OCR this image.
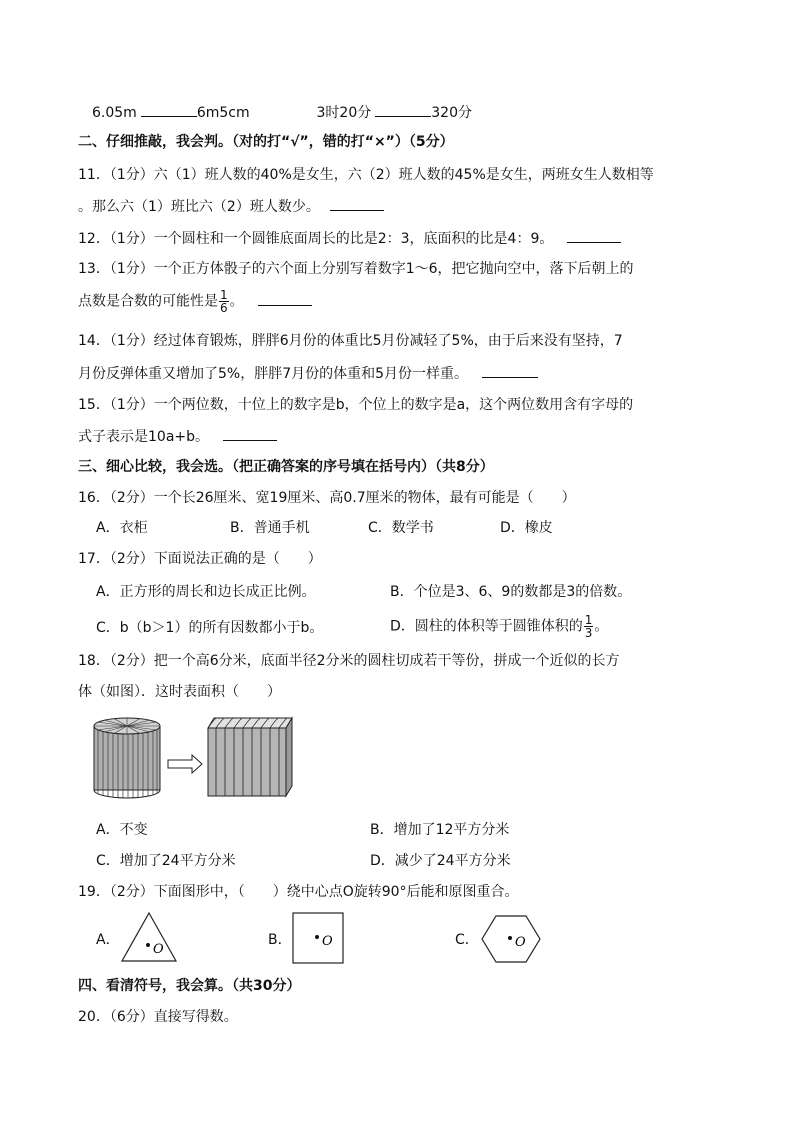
6.05m	6m5cm	3时20分	320分
二、仔细推敲，我会判。（对的打“√”，错的打“×”）（5分）
11．（1分）六（1）班人数的40%是女生，六（2）班人数的45%是女生，两班女生人数相等
。那么六（1）班比六（2）班人数少。
12．（1分）一个圆柱和一个圆锥底面周长的比是2：3，底面积的比是4：9。
13．（1分）一个正方体骰子的六个面上分别写着数字1～6，把它抛向空中，落下后朝上的
点数是合数的可能性是 $\frac{1}{6}$ 。
14．（1分）经过体育锻炼，胖胖6月份的体重比5月份减轻了5%，由于后来没有坚持，7
月份反弹体重又增加了5%，胖胖7月份的体重和5月份一样重。
15．（1分）一个两位数，十位上的数字是b，个位上的数字是a，这个两位数用含有字母的
式子表示是10a+b。
三、细心比较，我会选。（把正确答案的序号填在括号内）（共8分）
16．（2分）一个长26厘米、宽19厘米、高0.7厘米的物体，最有可能是（　　）
A．衣柜	B．普通手机	C．数学书	D．橡皮
17．（2分）下面说法正确的是（　　）
A．正方形的周长和边长成正比例。	B．个位是3、6、9的数都是3的倍数。
C．b（b＞1）的所有因数都小于b。	D．圆柱的体积等于圆锥体积的 $\frac{1}{3}$ 。
18．（2分）把一个高6分米，底面半径2分米的圆柱切成若干等份，拼成一个近似的长方
体（如图）．这时表面积（　　）
A．不变	B．增加了12平方分米
C．增加了24平方分米	D．减少了24平方分米
19．（2分）下面图形中，（　　）绕中心点O旋转90°后能和原图重合。
A．
O
B． O	C．	O
四、看清符号，我会算。（共30分）
20．（6分）直接写得数。
